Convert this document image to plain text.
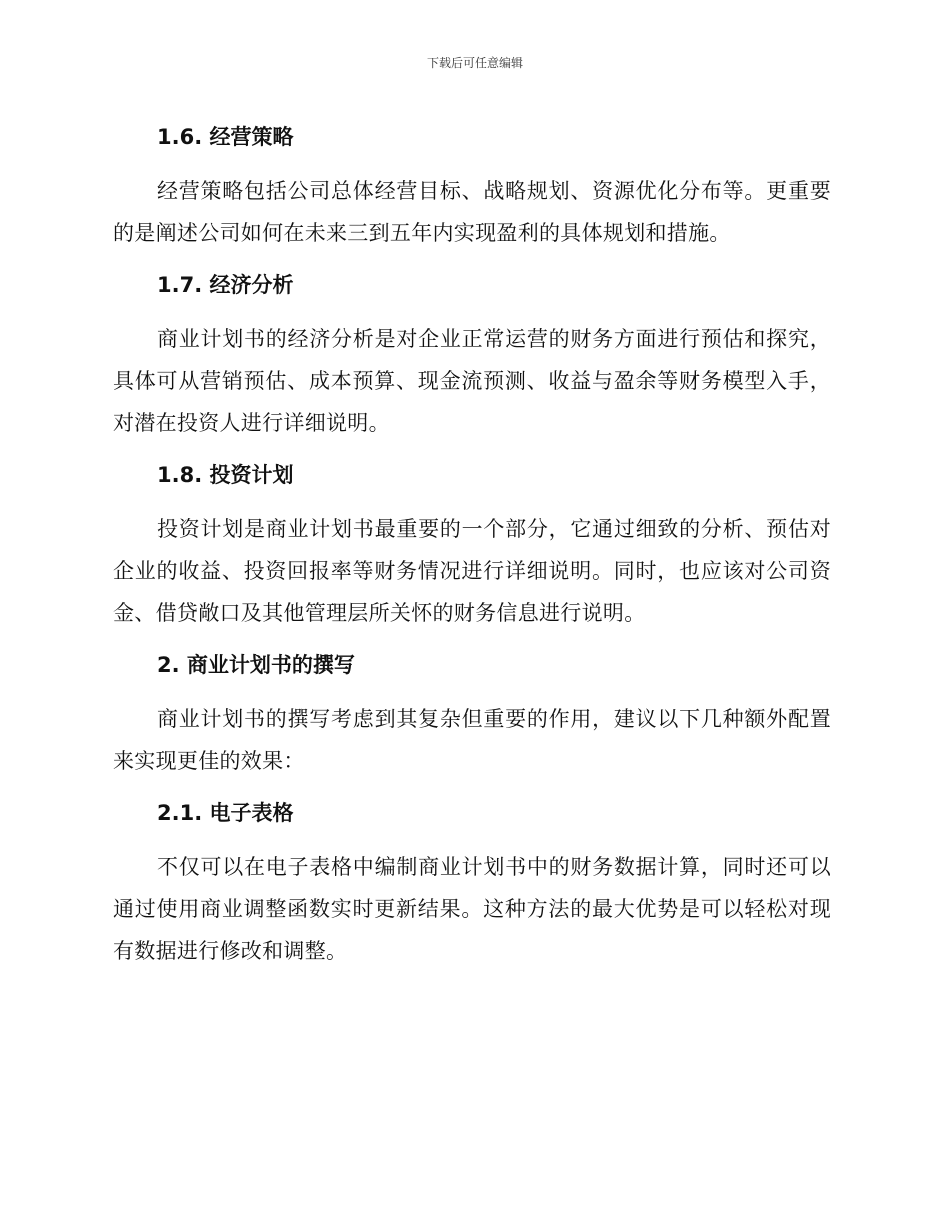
下载后可任意编辑
1.6. 经营策略

经营策略包括公司总体经营目标、战略规划、资源优化分布等。更重要的是阐述公司如何在未来三到五年内实现盈利的具体规划和措施。

1.7. 经济分析

商业计划书的经济分析是对企业正常运营的财务方面进行预估和探究，具体可从营销预估、成本预算、现金流预测、收益与盈余等财务模型入手，对潜在投资人进行详细说明。

1.8. 投资计划

投资计划是商业计划书最重要的一个部分，它通过细致的分析、预估对企业的收益、投资回报率等财务情况进行详细说明。同时，也应该对公司资金、借贷敞口及其他管理层所关怀的财务信息进行说明。

2. 商业计划书的撰写

商业计划书的撰写考虑到其复杂但重要的作用，建议以下几种额外配置来实现更佳的效果：

2.1. 电子表格

不仅可以在电子表格中编制商业计划书中的财务数据计算，同时还可以通过使用商业调整函数实时更新结果。这种方法的最大优势是可以轻松对现有数据进行修改和调整。
